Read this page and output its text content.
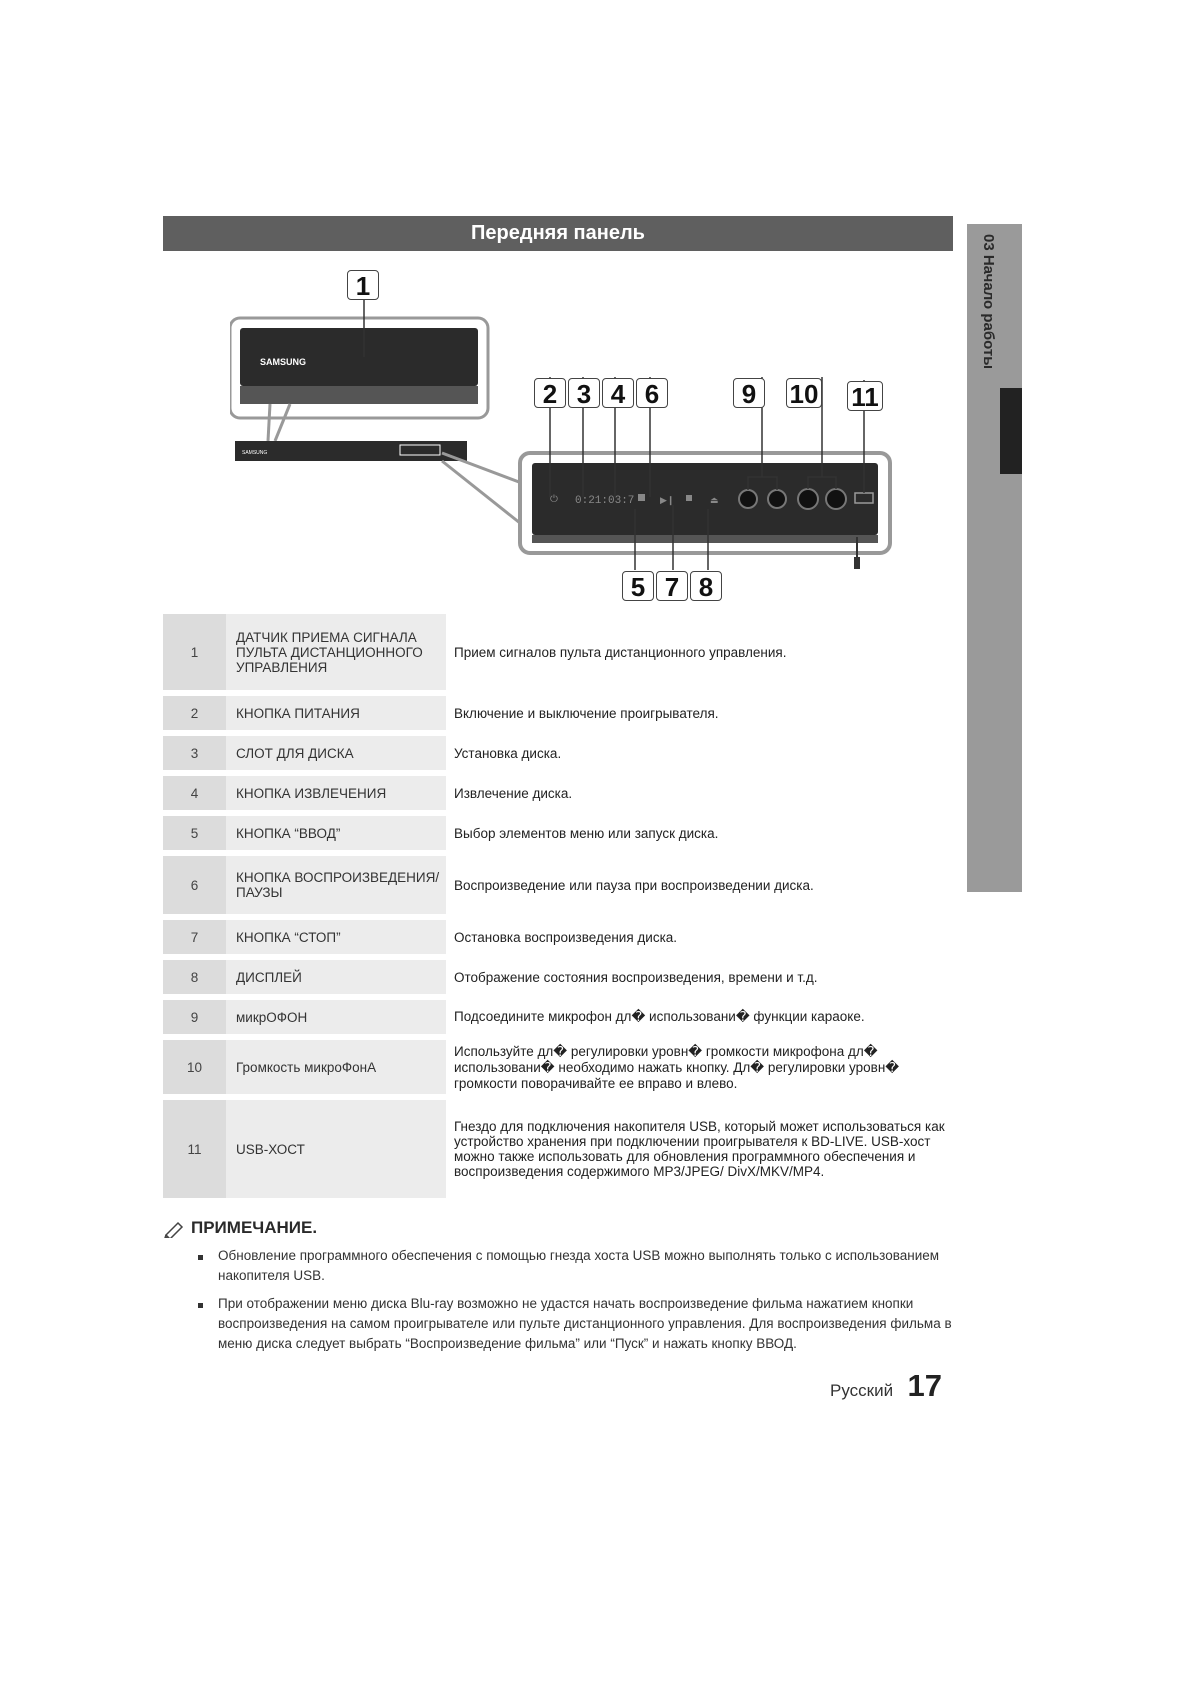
Передняя панель
03 Начало работы
SAMSUNG
SAMSUNG
⏻ 0:21:03:7	▶❙	⏏
1
2 3 4 6	9	10 11
5 7 8
1	ДАТЧИК ПРИЕМА СИГНАЛА ПУЛЬТА ДИСТАНЦИОННОГО УПРАВЛЕНИЯ	Прием сигналов пульта дистанционного управления.
2	КНОПКА ПИТАНИЯ	Включение и выключение проигрывателя.
3	СЛОТ ДЛЯ ДИСКА	Установка диска.
4	КНОПКА ИЗВЛЕЧЕНИЯ	Извлечение диска.
5	КНОПКА “ВВОД”	Выбор элементов меню или запуск диска.
6	КНОПКА ВОСПРОИЗВЕДЕНИЯ/ ПАУЗЫ	Воспроизведение или пауза при воспроизведении диска.
7	КНОПКА “СТОП”	Остановка воспроизведения диска.
8	ДИСПЛЕЙ	Отображение состояния воспроизведения, времени и т.д.
9	микрОФОН	Подсоедините микрофон дл� использовани� функции караоке.
10	Громкость микроФонА	Используйте дл� регулировки уровн� громкости микрофона дл� использовани� необходимо нажать кнопку. Дл� регулировки уровн� громкости поворачивайте ее вправо и влево.
11	USB-ХОСТ	Гнездо для подключения накопителя USB, который может использоваться как устройство хранения при подключении проигрывателя к BD-LIVE. USB-хост можно также использовать для обновления программного обеспечения и воспроизведения содержимого MP3/JPEG/ DivX/MKV/MP4.
ПРИМЕЧАНИЕ.
Обновление программного обеспечения с помощью гнезда хоста USB можно выполнять только с использованием накопителя USB.
При отображении меню диска Blu-ray возможно не удастся начать воспроизведение фильма нажатием кнопки воспроизведения на самом проигрывателе или пульте дистанционного управления. Для воспроизведения фильма в меню диска следует выбрать “Воспроизведение фильма” или “Пуск” и нажать кнопку ВВОД.
Русский 17
